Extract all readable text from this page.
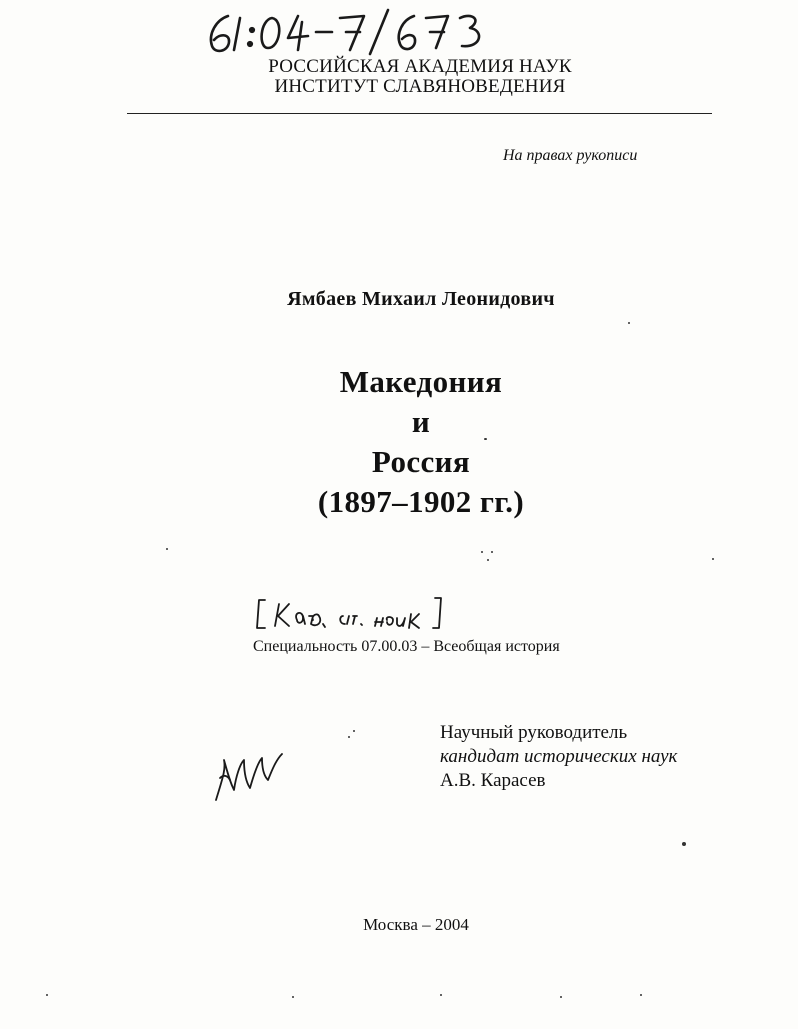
РОССИЙСКАЯ АКАДЕМИЯ НАУК
ИНСТИТУТ СЛАВЯНОВЕДЕНИЯ
На правах рукописи
Ямбаев Михаил Леонидович
Македония
и
Россия
(1897–1902 гг.)
Специальность 07.00.03 – Всеобщая история
Научный руководитель
кандидат исторических наук
А.В. Карасев
Москва – 2004
